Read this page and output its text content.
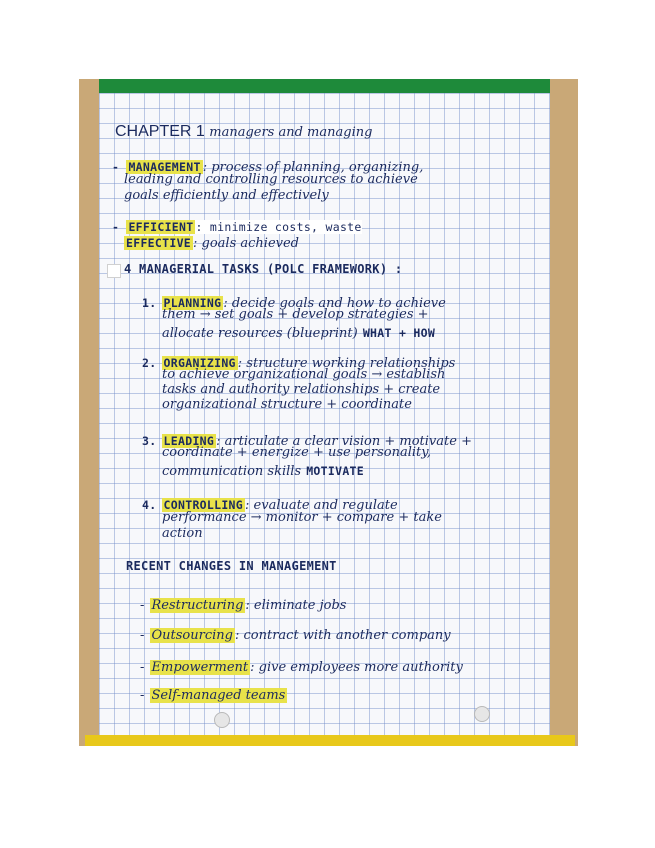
CHAPTER 1 managers and managing
- MANAGEMENT : process of planning, organizing,
leading and controlling resources to achieve
goals efficiently and effectively
- EFFICIENT : minimize costs, waste
EFFECTIVE : goals achieved
4 MANAGERIAL TASKS (POLC FRAMEWORK) :
1. PLANNING : decide goals and how to achieve
them → set goals + develop strategies +
allocate resources (blueprint) WHAT + HOW
2. ORGANIZING : structure working relationships
to achieve organizational goals → establish
tasks and authority relationships + create
organizational structure + coordinate
3. LEADING : articulate a clear vision + motivate +
coordinate + energize + use personality,
communication skills MOTIVATE
4. CONTROLLING : evaluate and regulate
performance → monitor + compare + take
action
RECENT CHANGES IN MANAGEMENT
- Restructuring : eliminate jobs
- Outsourcing : contract with another company
- Empowerment : give employees more authority
- Self-managed teams
